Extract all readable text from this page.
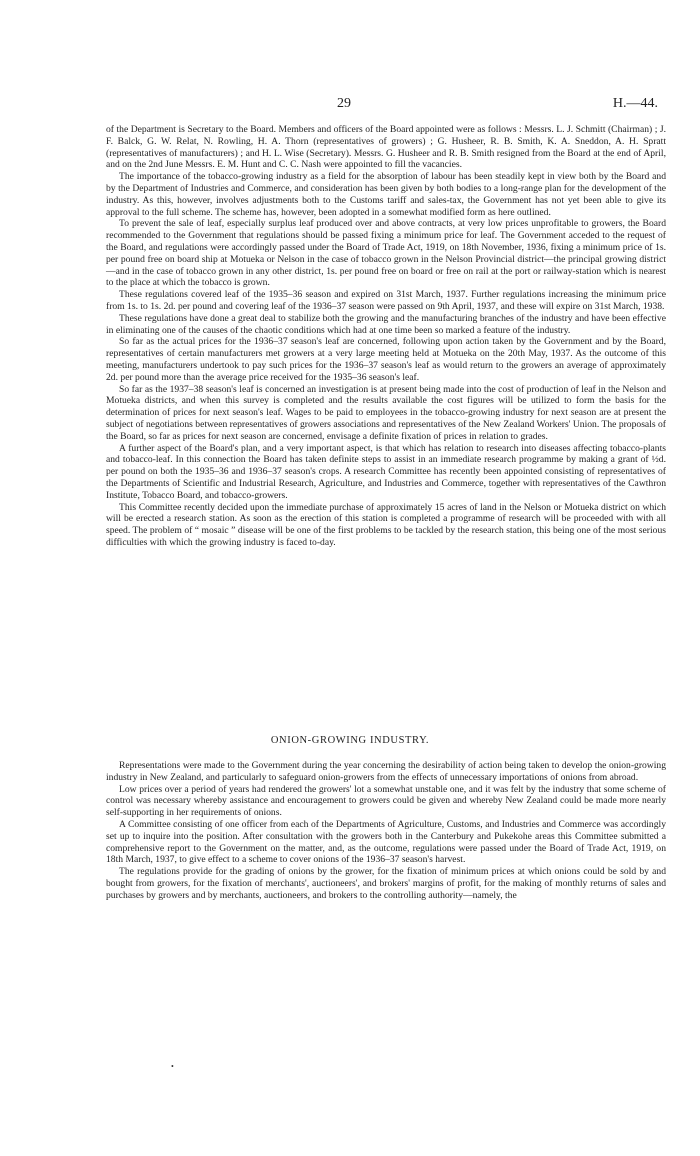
29	H.—44.

of the Department is Secretary to the Board. Members and officers of the Board appointed were as follows : Messrs. L. J. Schmitt (Chairman) ; J. F. Balck, G. W. Relat, N. Rowling, H. A. Thorn (representatives of growers) ; G. Husheer, R. B. Smith, K. A. Sneddon, A. H. Spratt (representatives of manufacturers) ; and H. L. Wise (Secretary). Messrs. G. Husheer and R. B. Smith resigned from the Board at the end of April, and on the 2nd June Messrs. E. M. Hunt and C. C. Nash were appointed to fill the vacancies.

The importance of the tobacco-growing industry as a field for the absorption of labour has been steadily kept in view both by the Board and by the Department of Industries and Commerce, and consideration has been given by both bodies to a long-range plan for the development of the industry. As this, however, involves adjustments both to the Customs tariff and sales-tax, the Government has not yet been able to give its approval to the full scheme. The scheme has, however, been adopted in a somewhat modified form as here outlined.

To prevent the sale of leaf, especially surplus leaf produced over and above contracts, at very low prices unprofitable to growers, the Board recommended to the Government that regulations should be passed fixing a minimum price for leaf. The Government acceded to the request of the Board, and regulations were accordingly passed under the Board of Trade Act, 1919, on 18th November, 1936, fixing a minimum price of 1s. per pound free on board ship at Motueka or Nelson in the case of tobacco grown in the Nelson Provincial district—the principal growing district—and in the case of tobacco grown in any other district, 1s. per pound free on board or free on rail at the port or railway-station which is nearest to the place at which the tobacco is grown.

These regulations covered leaf of the 1935–36 season and expired on 31st March, 1937. Further regulations increasing the minimum price from 1s. to 1s. 2d. per pound and covering leaf of the 1936–37 season were passed on 9th April, 1937, and these will expire on 31st March, 1938.

These regulations have done a great deal to stabilize both the growing and the manufacturing branches of the industry and have been effective in eliminating one of the causes of the chaotic conditions which had at one time been so marked a feature of the industry.

So far as the actual prices for the 1936–37 season's leaf are concerned, following upon action taken by the Government and by the Board, representatives of certain manufacturers met growers at a very large meeting held at Motueka on the 20th May, 1937. As the outcome of this meeting, manufacturers undertook to pay such prices for the 1936–37 season's leaf as would return to the growers an average of approximately 2d. per pound more than the average price received for the 1935–36 season's leaf.

So far as the 1937–38 season's leaf is concerned an investigation is at present being made into the cost of production of leaf in the Nelson and Motueka districts, and when this survey is completed and the results available the cost figures will be utilized to form the basis for the determination of prices for next season's leaf. Wages to be paid to employees in the tobacco-growing industry for next season are at present the subject of negotiations between representatives of growers associations and representatives of the New Zealand Workers' Union. The proposals of the Board, so far as prices for next season are concerned, envisage a definite fixation of prices in relation to grades.

A further aspect of the Board's plan, and a very important aspect, is that which has relation to research into diseases affecting tobacco-plants and tobacco-leaf. In this connection the Board has taken definite steps to assist in an immediate research programme by making a grant of ½d. per pound on both the 1935–36 and 1936–37 season's crops. A research Committee has recently been appointed consisting of representatives of the Departments of Scientific and Industrial Research, Agriculture, and Industries and Commerce, together with representatives of the Cawthron Institute, Tobacco Board, and tobacco-growers.

This Committee recently decided upon the immediate purchase of approximately 15 acres of land in the Nelson or Motueka district on which will be erected a research station. As soon as the erection of this station is completed a programme of research will be proceeded with with all speed. The problem of “ mosaic ” disease will be one of the first problems to be tackled by the research station, this being one of the most serious difficulties with which the growing industry is faced to-day.

ONION-GROWING INDUSTRY.

Representations were made to the Government during the year concerning the desirability of action being taken to develop the onion-growing industry in New Zealand, and particularly to safeguard onion-growers from the effects of unnecessary importations of onions from abroad.

Low prices over a period of years had rendered the growers' lot a somewhat unstable one, and it was felt by the industry that some scheme of control was necessary whereby assistance and encouragement to growers could be given and whereby New Zealand could be made more nearly self-supporting in her requirements of onions.

A Committee consisting of one officer from each of the Departments of Agriculture, Customs, and Industries and Commerce was accordingly set up to inquire into the position. After consultation with the growers both in the Canterbury and Pukekohe areas this Committee submitted a comprehensive report to the Government on the matter, and, as the outcome, regulations were passed under the Board of Trade Act, 1919, on 18th March, 1937, to give effect to a scheme to cover onions of the 1936–37 season's harvest.

The regulations provide for the grading of onions by the grower, for the fixation of minimum prices at which onions could be sold by and bought from growers, for the fixation of merchants', auctioneers', and brokers' margins of profit, for the making of monthly returns of sales and purchases by growers and by merchants, auctioneers, and brokers to the controlling authority—namely, the

•
